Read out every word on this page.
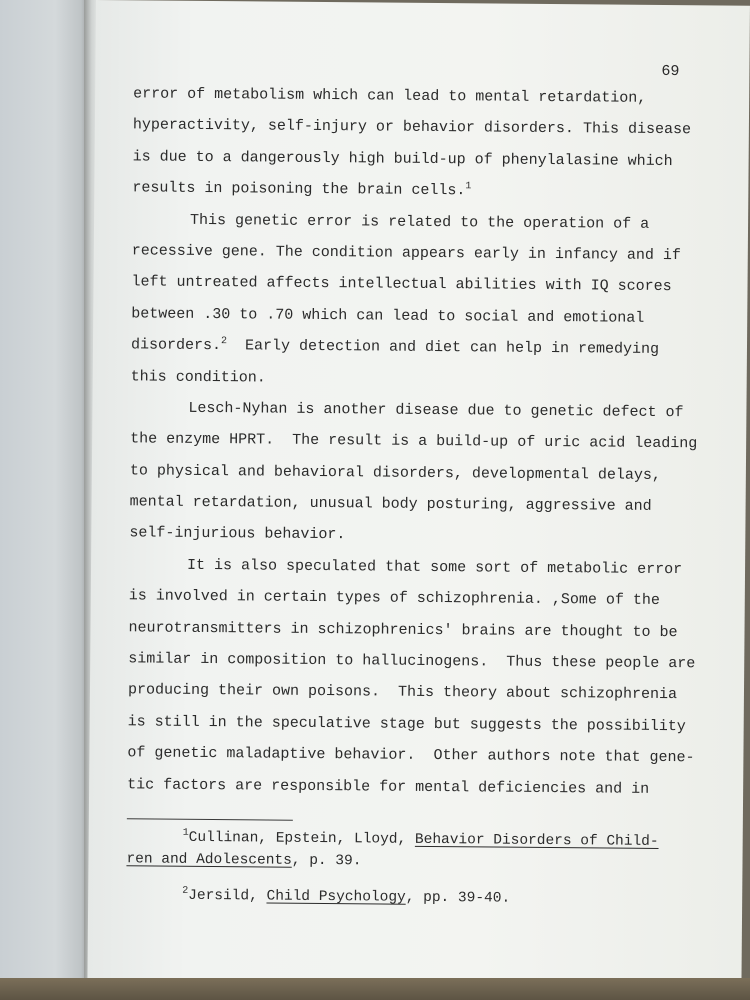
69
error of metabolism which can lead to mental retardation,
hyperactivity, self-injury or behavior disorders. This disease
is due to a dangerously high build-up of phenylalasine which
results in poisoning the brain cells.$^1$
This genetic error is related to the operation of a
recessive gene. The condition appears early in infancy and if
left untreated affects intellectual abilities with IQ scores
between .30 to .70 which can lead to social and emotional
disorders.$^2$  Early detection and diet can help in remedying
this condition.
Lesch-Nyhan is another disease due to genetic defect of
the enzyme HPRT.  The result is a build-up of uric acid leading
to physical and behavioral disorders, developmental delays,
mental retardation, unusual body posturing, aggressive and
self-injurious behavior.
It is also speculated that some sort of metabolic error
is involved in certain types of schizophrenia. ,Some of the
neurotransmitters in schizophrenics' brains are thought to be
similar in composition to hallucinogens.  Thus these people are
producing their own poisons.  This theory about schizophrenia
is still in the speculative stage but suggests the possibility
of genetic maladaptive behavior.  Other authors note that gene-
tic factors are responsible for mental deficiencies and in
$^1$Cullinan, Epstein, Lloyd, Behavior Disorders of Child-
ren and Adolescents, p. 39.
$^2$Jersild, Child Psychology, pp. 39-40.
